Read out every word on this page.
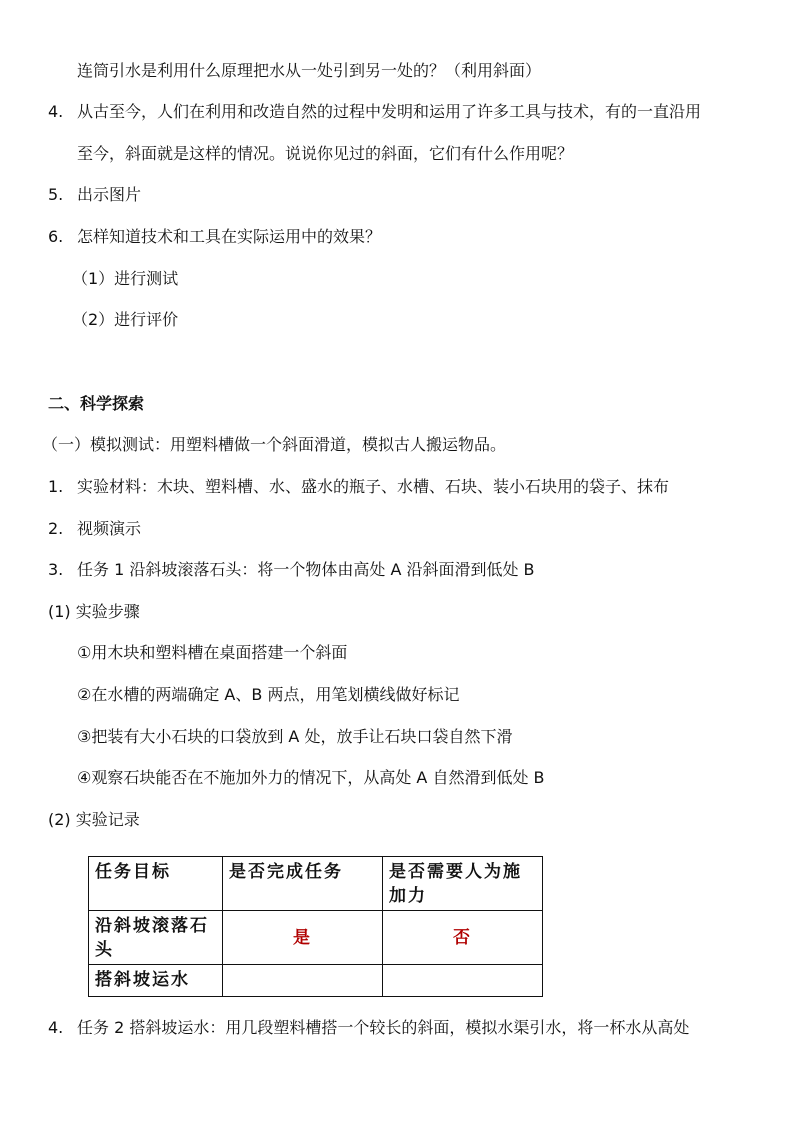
连筒引水是利用什么原理把水从一处引到另一处的？（利用斜面）
4. 从古至今，人们在利用和改造自然的过程中发明和运用了许多工具与技术，有的一直沿用
至今，斜面就是这样的情况。说说你见过的斜面，它们有什么作用呢？
5. 出示图片
6. 怎样知道技术和工具在实际运用中的效果？
（1）进行测试
（2）进行评价
二、科学探索
（一）模拟测试：用塑料槽做一个斜面滑道，模拟古人搬运物品。
1. 实验材料：木块、塑料槽、水、盛水的瓶子、水槽、石块、装小石块用的袋子、抹布
2. 视频演示
3. 任务 1 沿斜坡滚落石头：将一个物体由高处 A 沿斜面滑到低处 B
(1) 实验步骤
①用木块和塑料槽在桌面搭建一个斜面
②在水槽的两端确定 A、B 两点，用笔划横线做好标记
③把装有大小石块的口袋放到 A 处，放手让石块口袋自然下滑
④观察石块能否在不施加外力的情况下，从高处 A 自然滑到低处 B
(2) 实验记录
任务目标	是否完成任务	是否需要人为施加力
沿斜坡滚落石头	是	否
搭斜坡运水		
4. 任务 2 搭斜坡运水：用几段塑料槽搭一个较长的斜面，模拟水渠引水，将一杯水从高处
